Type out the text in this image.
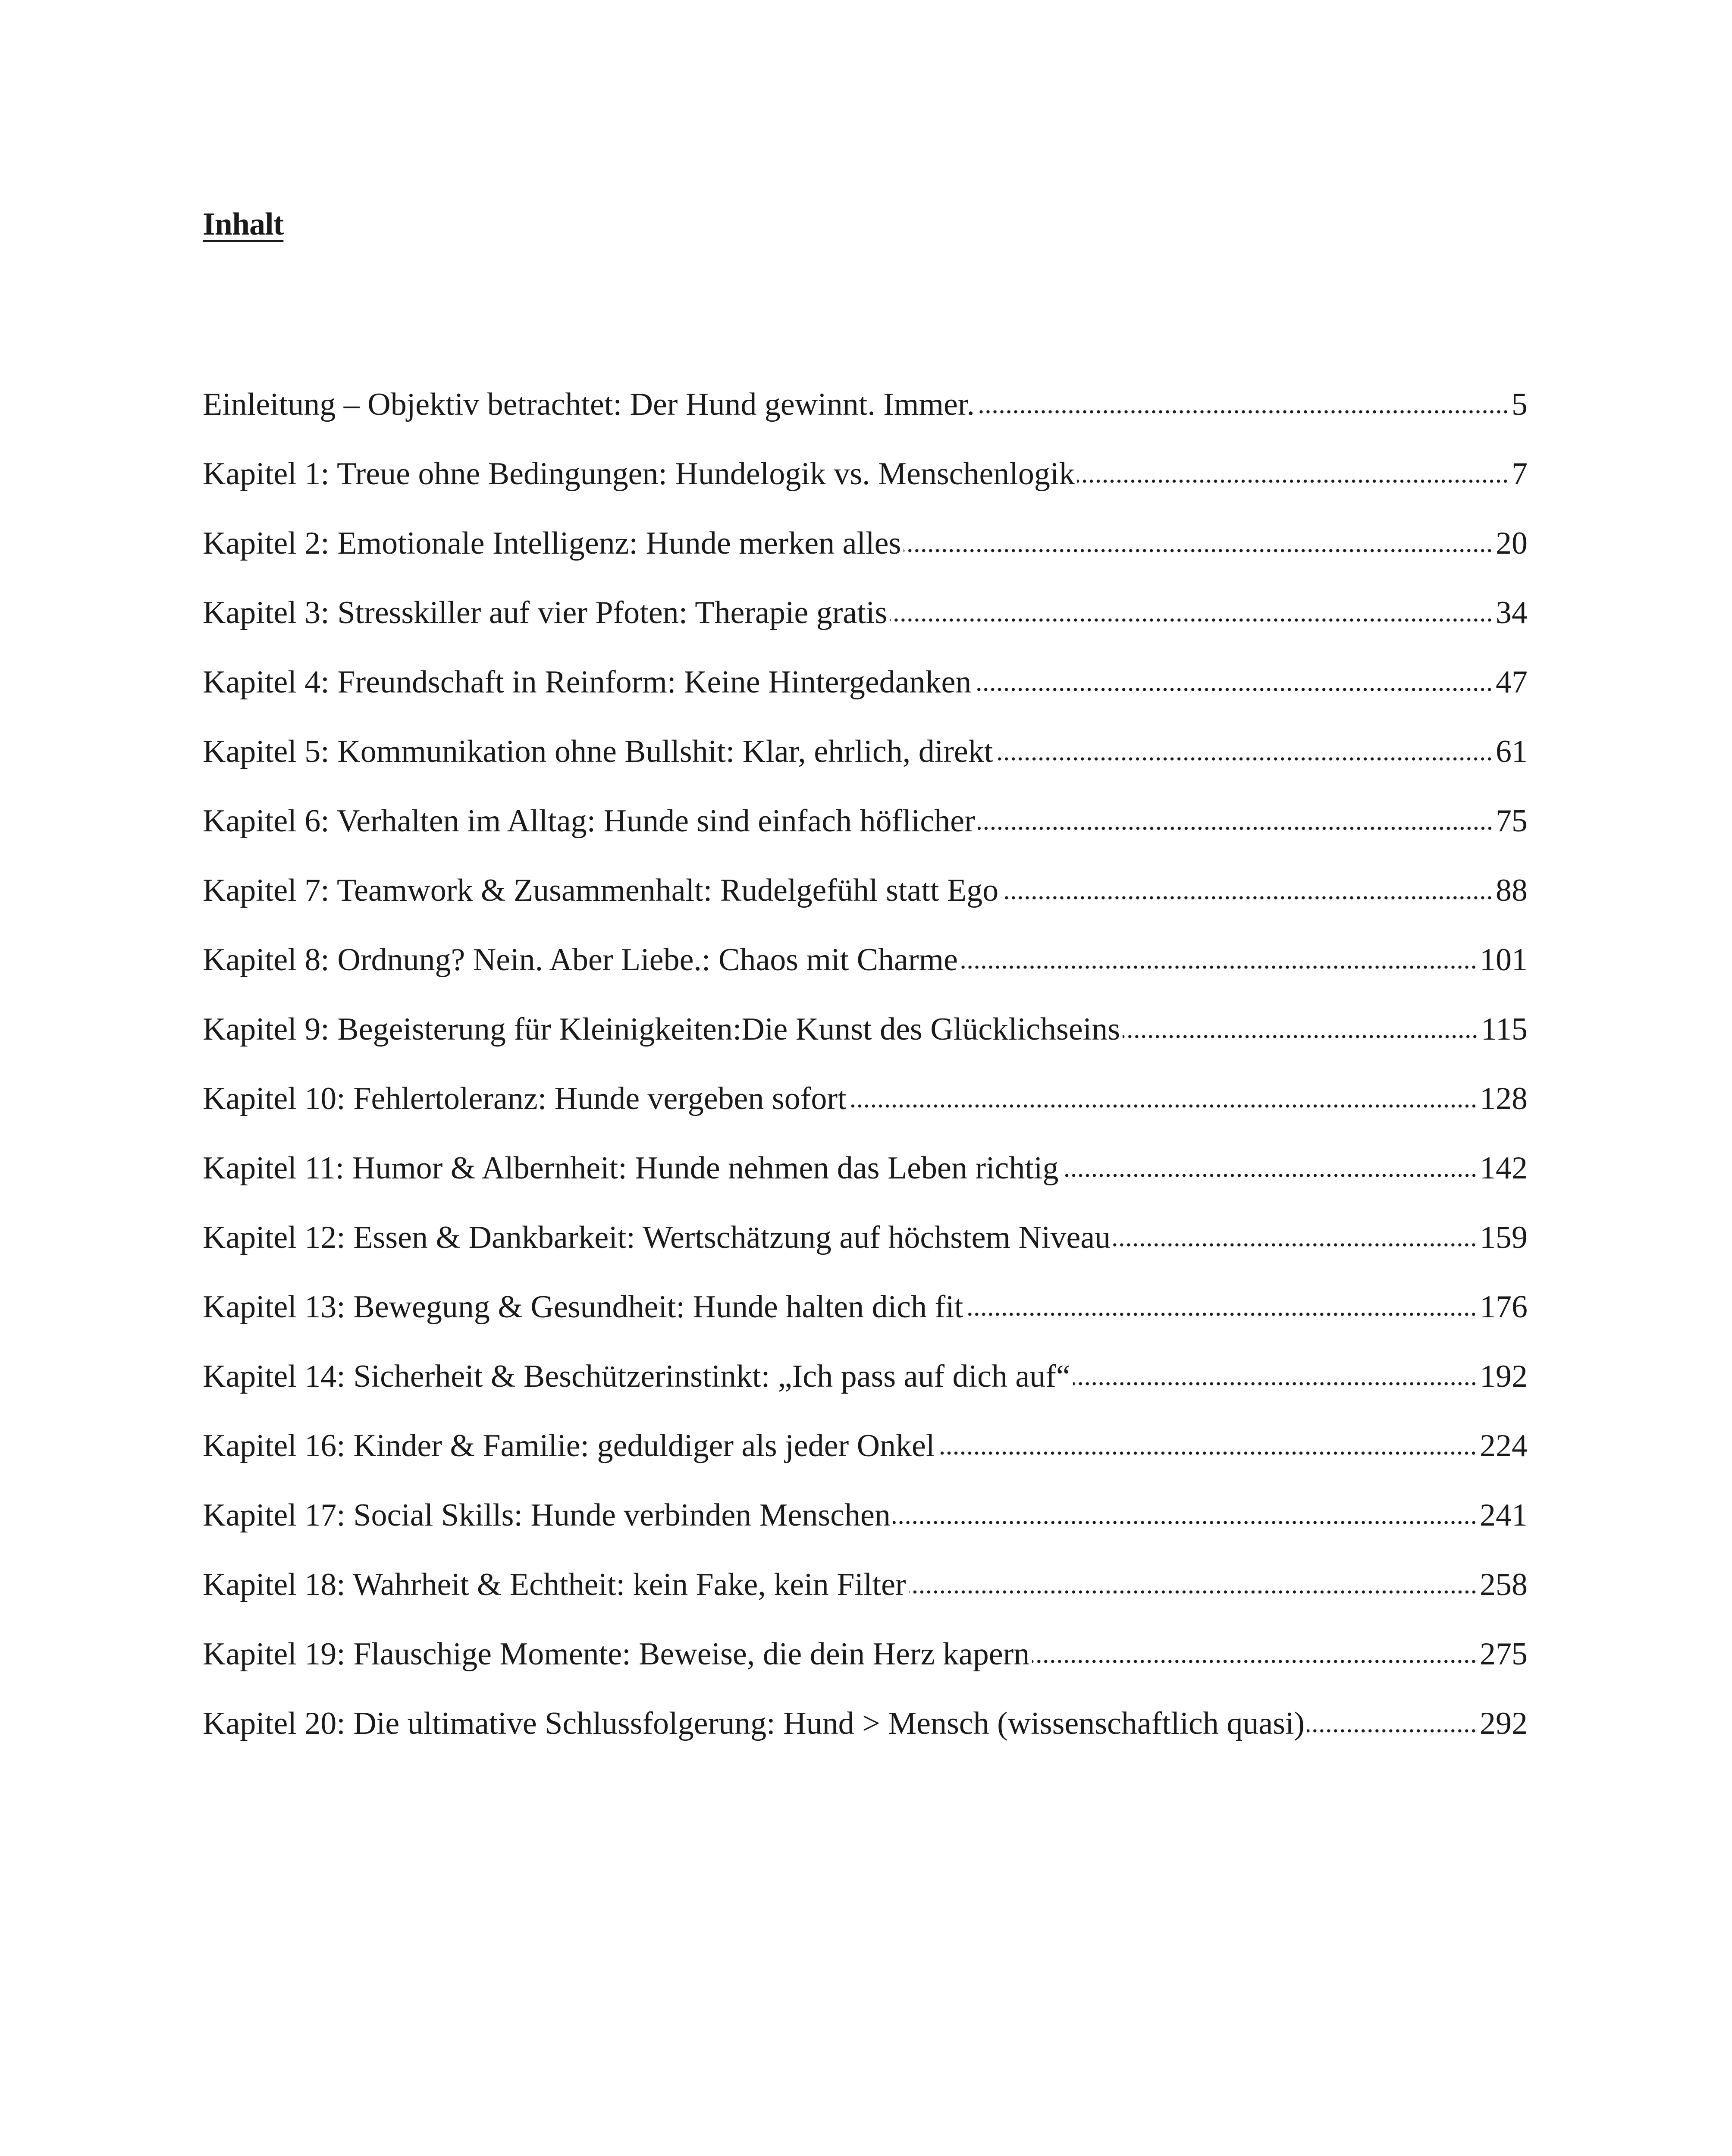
Inhalt
Einleitung – Objektiv betrachtet: Der Hund gewinnt. Immer.	5
Kapitel 1: Treue ohne Bedingungen: Hundelogik vs. Menschenlogik	7
Kapitel 2: Emotionale Intelligenz: Hunde merken alles	20
Kapitel 3: Stresskiller auf vier Pfoten: Therapie gratis	34
Kapitel 4: Freundschaft in Reinform: Keine Hintergedanken	47
Kapitel 5: Kommunikation ohne Bullshit: Klar, ehrlich, direkt	61
Kapitel 6: Verhalten im Alltag: Hunde sind einfach höflicher	75
Kapitel 7: Teamwork & Zusammenhalt: Rudelgefühl statt Ego	88
Kapitel 8: Ordnung? Nein. Aber Liebe.: Chaos mit Charme	101
Kapitel 9: Begeisterung für Kleinigkeiten:Die Kunst des Glücklichseins	115
Kapitel 10: Fehlertoleranz: Hunde vergeben sofort	128
Kapitel 11: Humor & Albernheit: Hunde nehmen das Leben richtig	142
Kapitel 12: Essen & Dankbarkeit: Wertschätzung auf höchstem Niveau	159
Kapitel 13: Bewegung & Gesundheit: Hunde halten dich fit	176
Kapitel 14: Sicherheit & Beschützerinstinkt: „Ich pass auf dich auf“	192
Kapitel 16: Kinder & Familie: geduldiger als jeder Onkel	224
Kapitel 17: Social Skills: Hunde verbinden Menschen	241
Kapitel 18: Wahrheit & Echtheit: kein Fake, kein Filter	258
Kapitel 19: Flauschige Momente: Beweise, die dein Herz kapern	275
Kapitel 20: Die ultimative Schlussfolgerung: Hund > Mensch (wissenschaftlich quasi)	292
